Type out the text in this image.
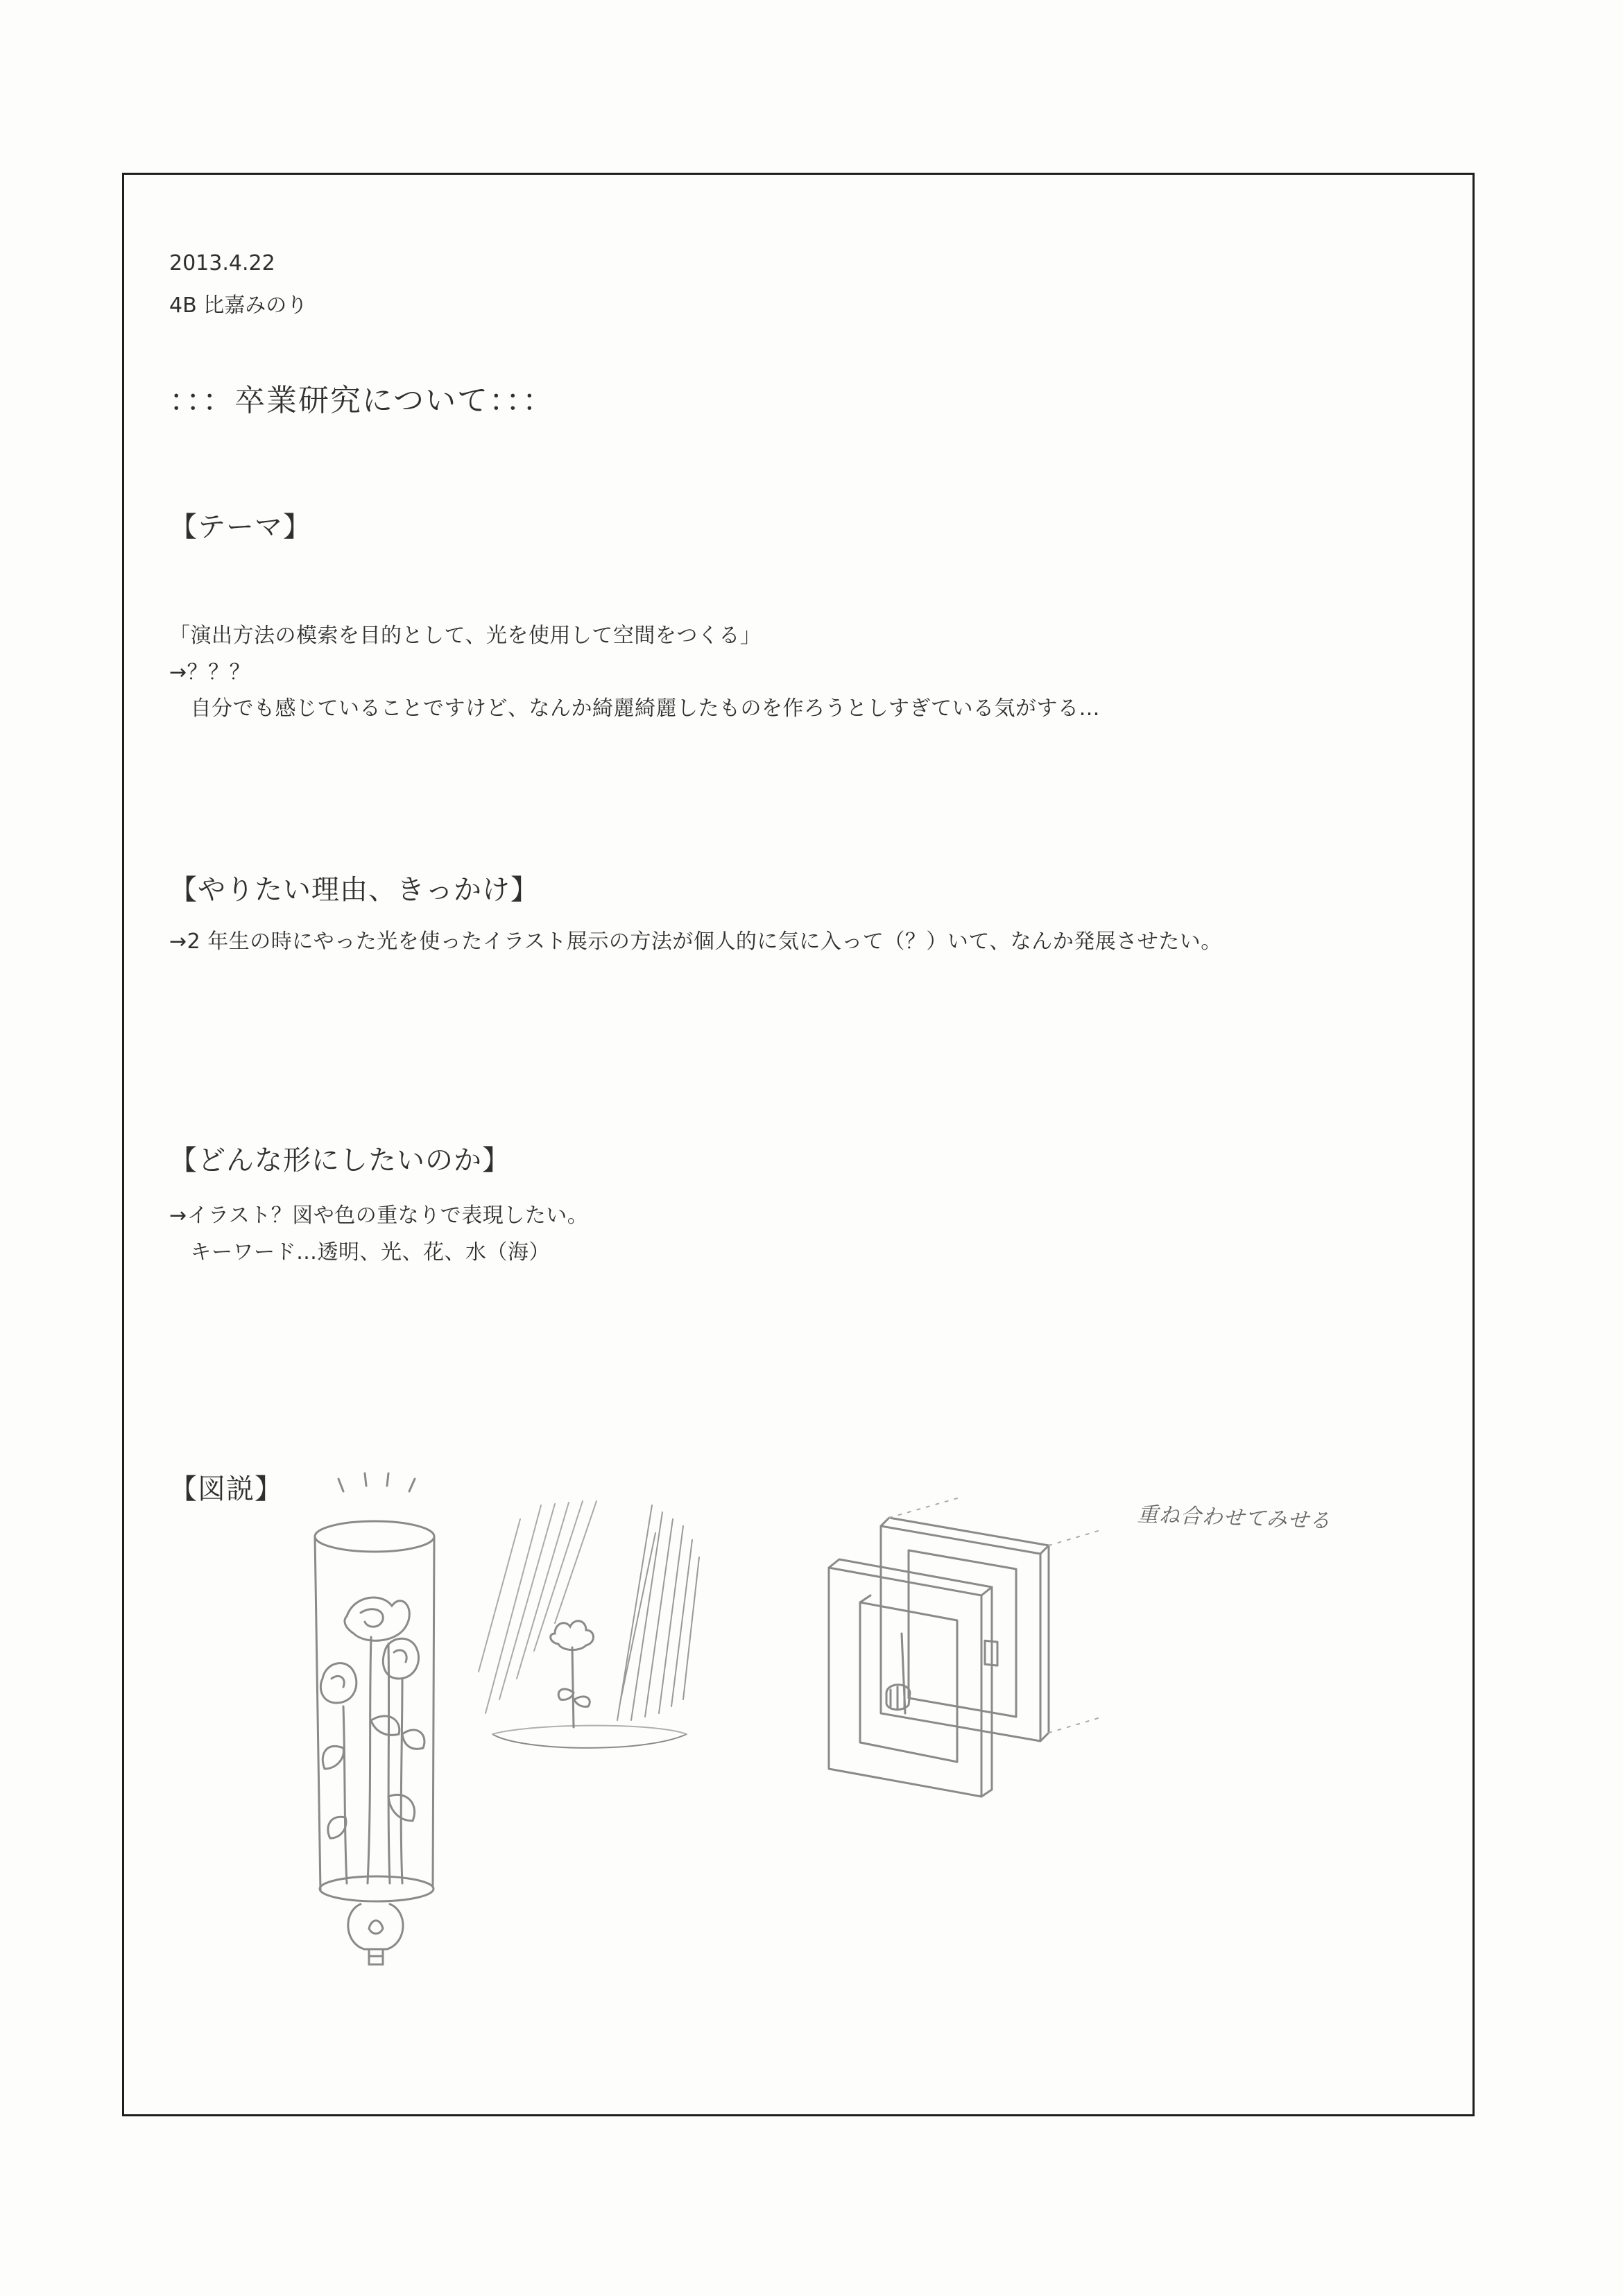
2013.4.22
4B 比嘉みのり
：：：卒業研究について：：：
【テーマ】
「演出方法の模索を目的として、光を使用して空間をつくる」
→？？？
　自分でも感じていることですけど、なんか綺麗綺麗したものを作ろうとしすぎている気がする…
【やりたい理由、きっかけ】
→2 年生の時にやった光を使ったイラスト展示の方法が個人的に気に入って（？）いて、なんか発展させたい。
【どんな形にしたいのか】
→イラスト？図や色の重なりで表現したい。
　キーワード…透明、光、花、水（海）
【図説】
重ね合わせてみせる
